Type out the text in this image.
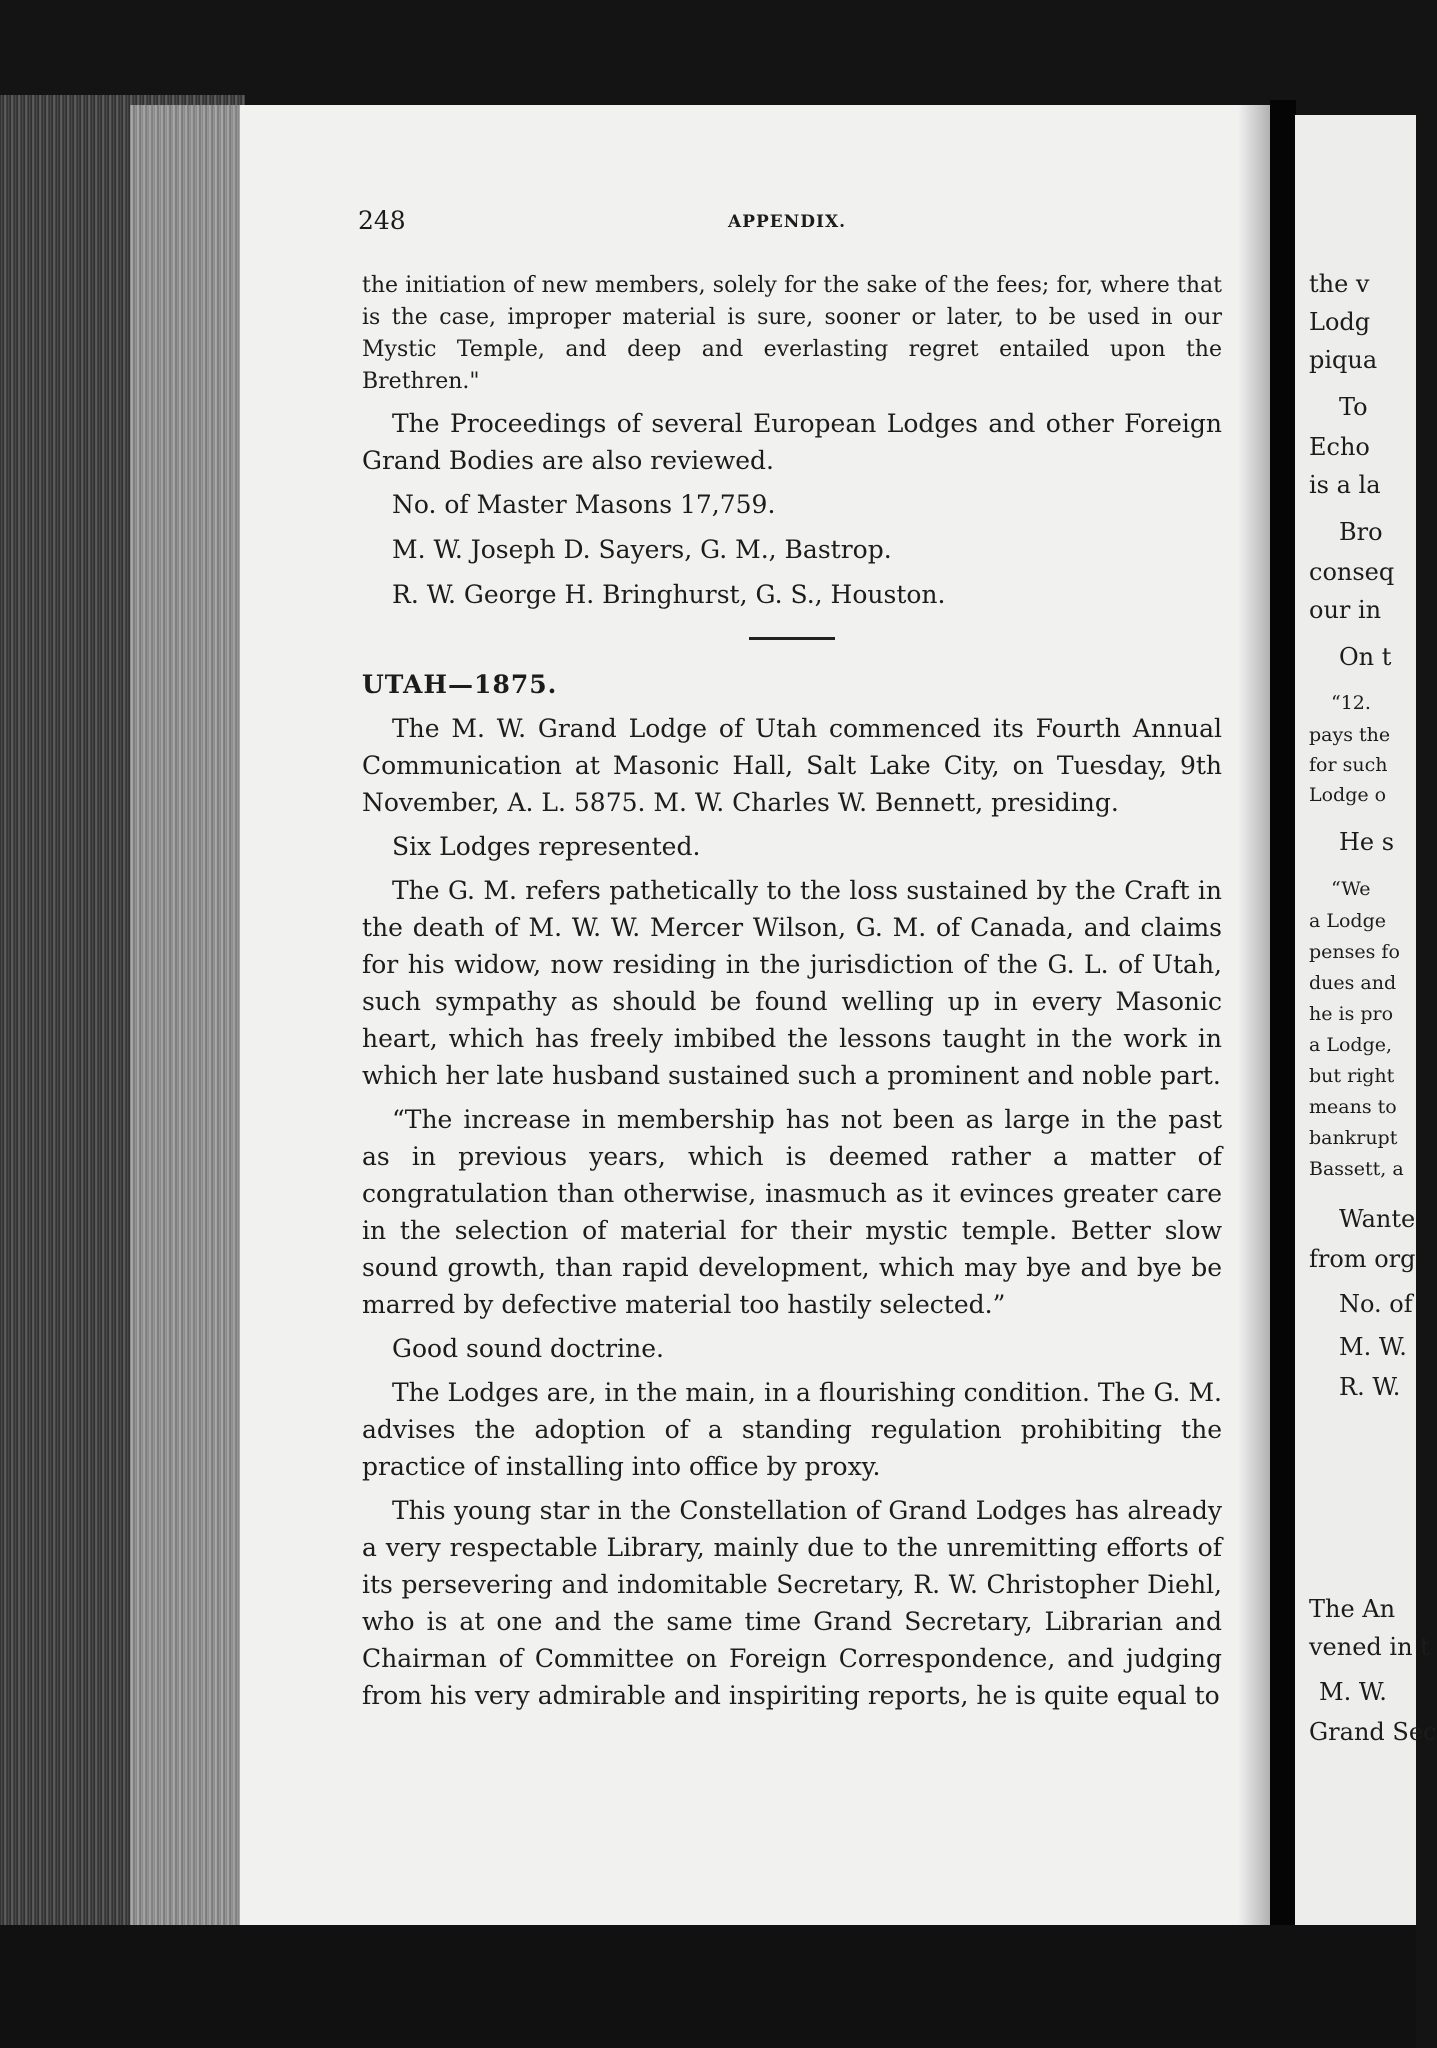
248	APPENDIX.

the initiation of new members, solely for the sake of the fees; for, where that is the case, improper material is sure, sooner or later, to be used in our Mystic Temple, and deep and everlasting regret entailed upon the Brethren."

The Proceedings of several European Lodges and other Foreign Grand Bodies are also reviewed.

No. of Master Masons 17,759.

M. W. Joseph D. Sayers, G. M., Bastrop.

R. W. George H. Bringhurst, G. S., Houston.

UTAH—1875.

The M. W. Grand Lodge of Utah commenced its Fourth Annual Communication at Masonic Hall, Salt Lake City, on Tuesday, 9th November, A. L. 5875. M. W. Charles W. Bennett, presiding.

Six Lodges represented.

The G. M. refers pathetically to the loss sustained by the Craft in the death of M. W. W. Mercer Wilson, G. M. of Canada, and claims for his widow, now residing in the jurisdiction of the G. L. of Utah, such sympathy as should be found welling up in every Masonic heart, which has freely imbibed the lessons taught in the work in which her late husband sustained such a prominent and noble part.

“The increase in membership has not been as large in the past as in previous years, which is deemed rather a matter of congratulation than otherwise, inasmuch as it evinces greater care in the selection of material for their mystic temple. Better slow sound growth, than rapid development, which may bye and bye be marred by defective material too hastily selected.”

Good sound doctrine.

The Lodges are, in the main, in a flourishing condition. The G. M. advises the adoption of a standing regulation prohibiting the practice of installing into office by proxy.

This young star in the Constellation of Grand Lodges has already a very respectable Library, mainly due to the unremitting efforts of its persevering and indomitable Secretary, R. W. Christopher Diehl, who is at one and the same time Grand Secretary, Librarian and Chairman of Committee on Foreign Correspondence, and judging from his very admirable and inspiriting reports, he is quite equal to

the v
Lodg
piqua
To
Echo
is a la
Bro
conseq
our in
On t
“12.
pays the
for such
Lodge o
He s
“We
a Lodge
penses fo
dues and
he is pro
a Lodge,
but right
means to
bankrupt
Bassett, a
Wante
from org
No. of
M. W.
R. W.
The An
vened in t
M. W.
Grand Sec
